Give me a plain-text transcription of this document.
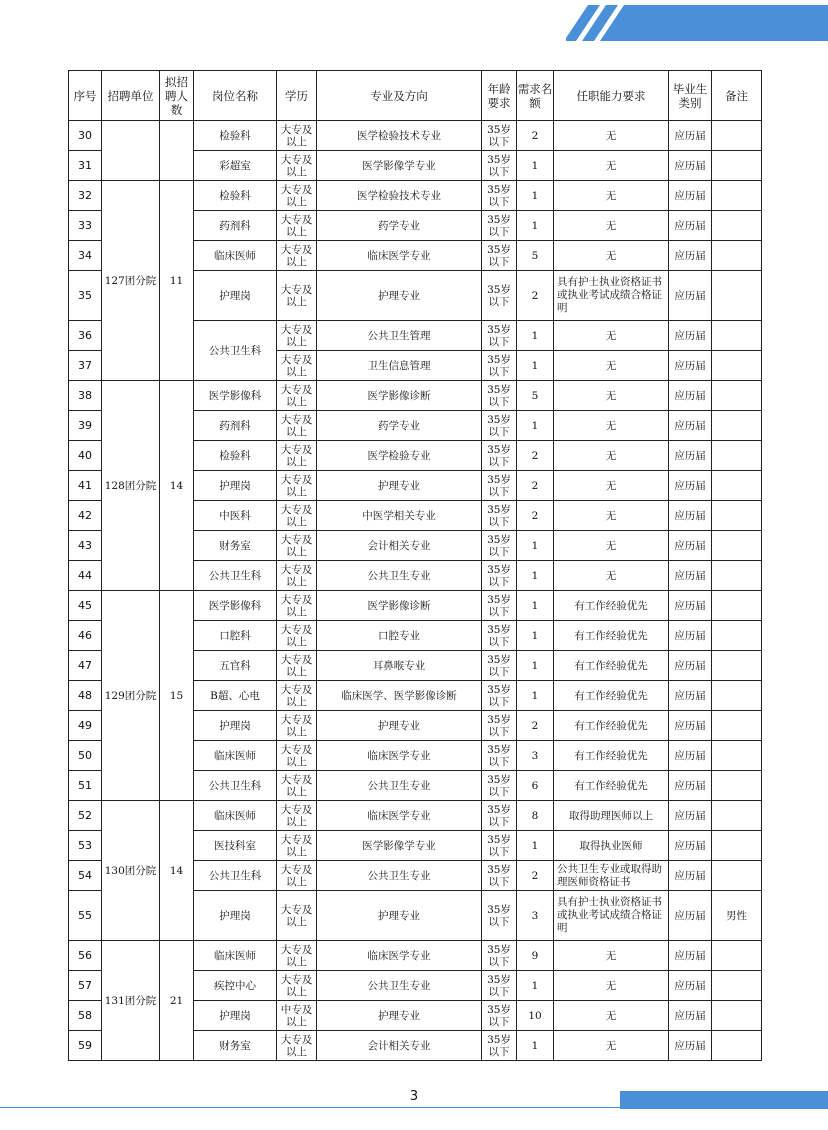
序号	招聘单位	拟招聘人数	岗位名称	学历	专业及方向	年龄要求	需求名额	任职能力要求	毕业生类别	备注
30			检验科	大专及以上	医学检验技术专业	35岁以下	2	无	应历届	
31			彩超室	大专及以上	医学影像学专业	35岁以下	1	无	应历届	
32	127团分院	11	检验科	大专及以上	医学检验技术专业	35岁以下	1	无	应历届	
33			药剂科	大专及以上	药学专业	35岁以下	1	无	应历届	
34			临床医师	大专及以上	临床医学专业	35岁以下	5	无	应历届	
35			护理岗	大专及以上	护理专业	35岁以下	2	具有护士执业资格证书或执业考试成绩合格证明	应历届	
36			公共卫生科	大专及以上	公共卫生管理	35岁以下	1	无	应历届	
37				大专及以上	卫生信息管理	35岁以下	1	无	应历届	
38	128团分院	14	医学影像科	大专及以上	医学影像诊断	35岁以下	5	无	应历届	
39			药剂科	大专及以上	药学专业	35岁以下	1	无	应历届	
40			检验科	大专及以上	医学检验专业	35岁以下	2	无	应历届	
41			护理岗	大专及以上	护理专业	35岁以下	2	无	应历届	
42			中医科	大专及以上	中医学相关专业	35岁以下	2	无	应历届	
43			财务室	大专及以上	会计相关专业	35岁以下	1	无	应历届	
44			公共卫生科	大专及以上	公共卫生专业	35岁以下	1	无	应历届	
45	129团分院	15	医学影像科	大专及以上	医学影像诊断	35岁以下	1	有工作经验优先	应历届	
46			口腔科	大专及以上	口腔专业	35岁以下	1	有工作经验优先	应历届	
47			五官科	大专及以上	耳鼻喉专业	35岁以下	1	有工作经验优先	应历届	
48			B超、心电	大专及以上	临床医学、医学影像诊断	35岁以下	1	有工作经验优先	应历届	
49			护理岗	大专及以上	护理专业	35岁以下	2	有工作经验优先	应历届	
50			临床医师	大专及以上	临床医学专业	35岁以下	3	有工作经验优先	应历届	
51			公共卫生科	大专及以上	公共卫生专业	35岁以下	6	有工作经验优先	应历届	
52	130团分院	14	临床医师	大专及以上	临床医学专业	35岁以下	8	取得助理医师以上	应历届	
53			医技科室	大专及以上	医学影像学专业	35岁以下	1	取得执业医师	应历届	
54			公共卫生科	大专及以上	公共卫生专业	35岁以下	2	公共卫生专业或取得助理医师资格证书	应历届	
55			护理岗	大专及以上	护理专业	35岁以下	3	具有护士执业资格证书或执业考试成绩合格证明	应历届	男性
56	131团分院	21	临床医师	大专及以上	临床医学专业	35岁以下	9	无	应历届	
57			疾控中心	大专及以上	公共卫生专业	35岁以下	1	无	应历届	
58			护理岗	中专及以上	护理专业	35岁以下	10	无	应历届	
59			财务室	大专及以上	会计相关专业	35岁以下	1	无	应历届	
3
